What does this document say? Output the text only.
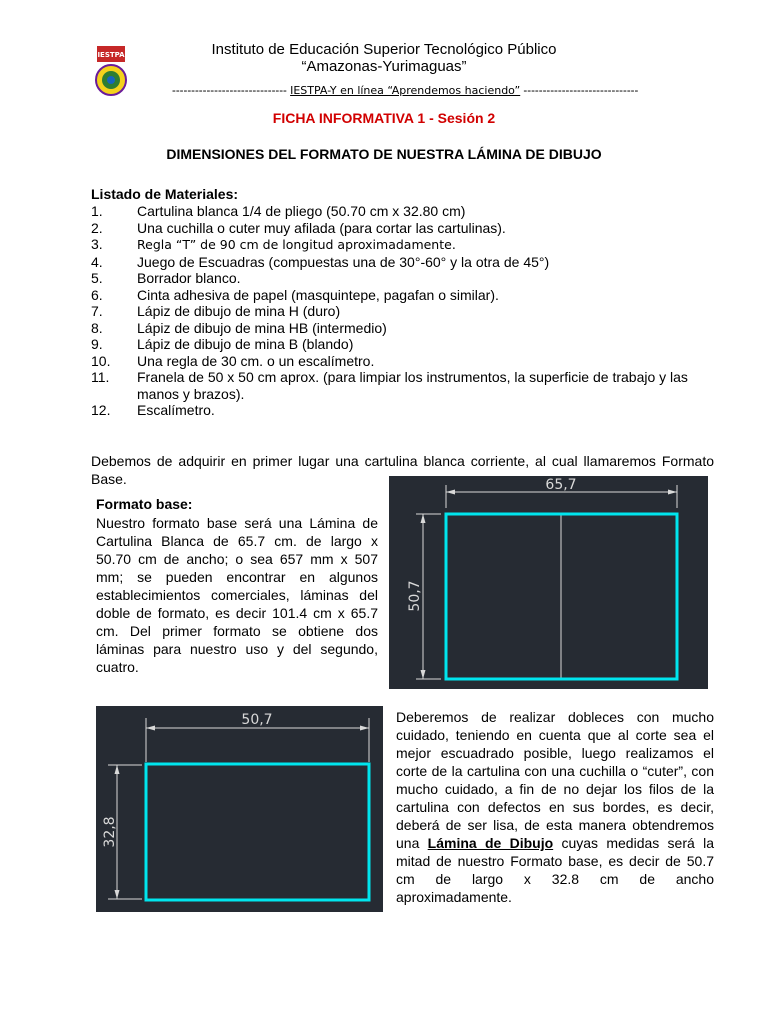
IESTPA	Instituto de Educación Superior Tecnológico Público
“Amazonas-Yurimaguas”
------------------------------ IESTPA-Y en línea “Aprendemos haciendo” ------------------------------
FICHA INFORMATIVA 1 - Sesión 2
DIMENSIONES DEL FORMATO DE NUESTRA LÁMINA DE DIBUJO
Listado de Materiales:
1. Cartulina blanca 1/4 de pliego (50.70 cm x 32.80 cm)
2. Una cuchilla o cuter muy afilada (para cortar las cartulinas).
3.	Regla “T” de 90 cm de longitud aproximadamente.
4. Juego de Escuadras (compuestas una de 30°-60° y la otra de 45°)
5. Borrador blanco.
6. Cinta adhesiva de papel (masquintepe, pagafan o similar).
7. Lápiz de dibujo de mina H (duro)
8. Lápiz de dibujo de mina HB (intermedio)
9. Lápiz de dibujo de mina B (blando)
10. Una regla de 30 cm. o un escalímetro.
11. Franela de 50 x 50 cm aprox. (para limpiar los instrumentos, la superficie de trabajo y las manos y brazos).
12. Escalímetro.
Debemos de adquirir en primer lugar una cartulina blanca corriente, al cual llamaremos Formato Base.
Formato base:
Nuestro formato base será una Lámina de Cartulina Blanca de 65.7 cm. de largo x 50.70 cm de ancho; o sea 657 mm x 507 mm; se pueden encontrar en algunos establecimientos comerciales, láminas del doble de formato, es decir 101.4 cm x 65.7 cm. Del primer formato se obtiene dos láminas para nuestro uso y del segundo, cuatro.
65,7
50,7
50,7
32,8
Deberemos de realizar dobleces con mucho cuidado, teniendo en cuenta que al corte sea el mejor escuadrado posible, luego realizamos el corte de la cartulina con una cuchilla o “cuter”, con mucho cuidado, a fin de no dejar los filos de la cartulina con defectos en sus bordes, es decir, deberá de ser lisa, de esta manera obtendremos una Lámina de Dibujo cuyas medidas será la mitad de nuestro Formato base, es decir de 50.7 cm de largo x 32.8 cm de ancho aproximadamente.
